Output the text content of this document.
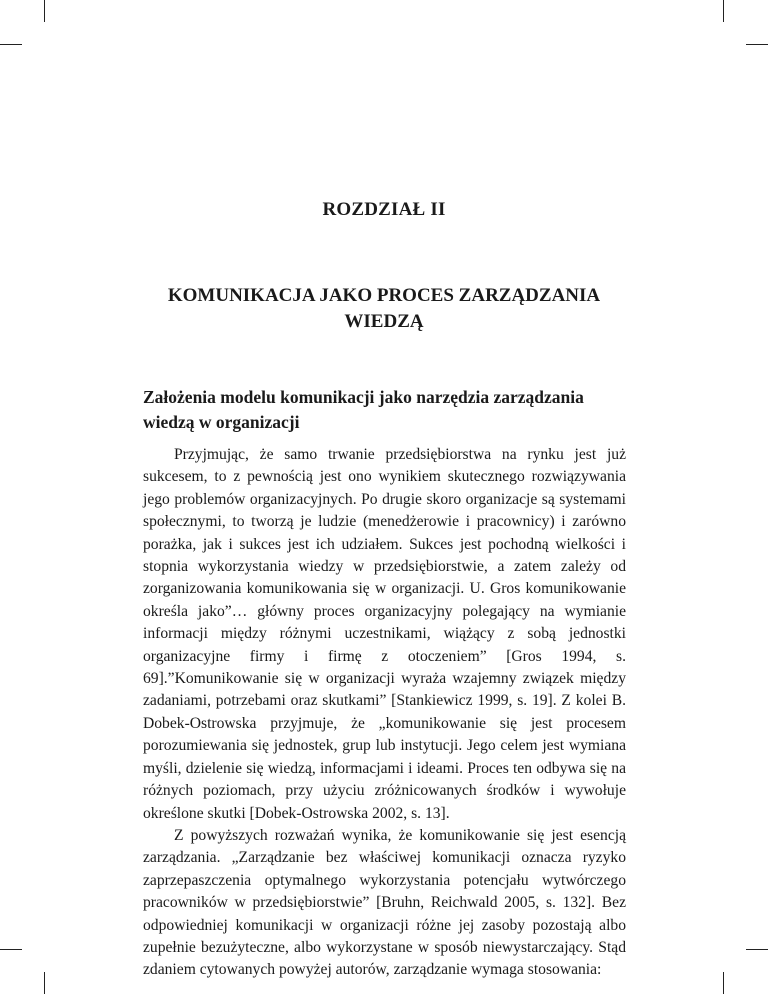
ROZDZIAŁ II
KOMUNIKACJA JAKO PROCES ZARZĄDZANIA
WIEDZĄ
Założenia modelu komunikacji jako narzędzia zarządzania
wiedzą w organizacji

Przyjmując, że samo trwanie przedsiębiorstwa na rynku jest już sukcesem, to z pewnością jest ono wynikiem skutecznego rozwiązywania jego problemów organizacyjnych. Po drugie skoro organizacje są systemami społecznymi, to tworzą je ludzie (menedżerowie i pracownicy) i zarówno porażka, jak i sukces jest ich udziałem. Sukces jest pochodną wielkości i stopnia wykorzystania wiedzy w przedsiębiorstwie, a zatem zależy od zorganizowania komunikowania się w organizacji. U. Gros komunikowanie określa jako”… główny proces organizacyjny polegający na wymianie informacji między różnymi uczestnikami, wiążący z sobą jednostki organizacyjne firmy i firmę z otoczeniem” [Gros 1994, s. 69].”Komunikowanie się w organizacji wyraża wzajemny związek między zadaniami, potrzebami oraz skutkami” [Stankiewicz 1999, s. 19]. Z kolei B. Dobek-Ostrowska przyjmuje, że „komunikowanie się jest procesem porozumiewania się jednostek, grup lub instytucji. Jego celem jest wymiana myśli, dzielenie się wiedzą, informacjami i ideami. Proces ten odbywa się na różnych poziomach, przy użyciu zróżnicowanych środków i wywołuje określone skutki [Dobek-Ostrowska 2002, s. 13].

Z powyższych rozważań wynika, że komunikowanie się jest esencją zarządzania. „Zarządzanie bez właściwej komunikacji oznacza ryzyko zaprzepaszczenia optymalnego wykorzystania potencjału wytwórczego pracowników w przedsiębiorstwie” [Bruhn, Reichwald 2005, s. 132]. Bez odpowiedniej komunikacji w organizacji różne jej zasoby pozostają albo zupełnie bezużyteczne, albo wykorzystane w sposób niewystarczający. Stąd zdaniem cytowanych powyżej autorów, zarządzanie wymaga stosowania:
